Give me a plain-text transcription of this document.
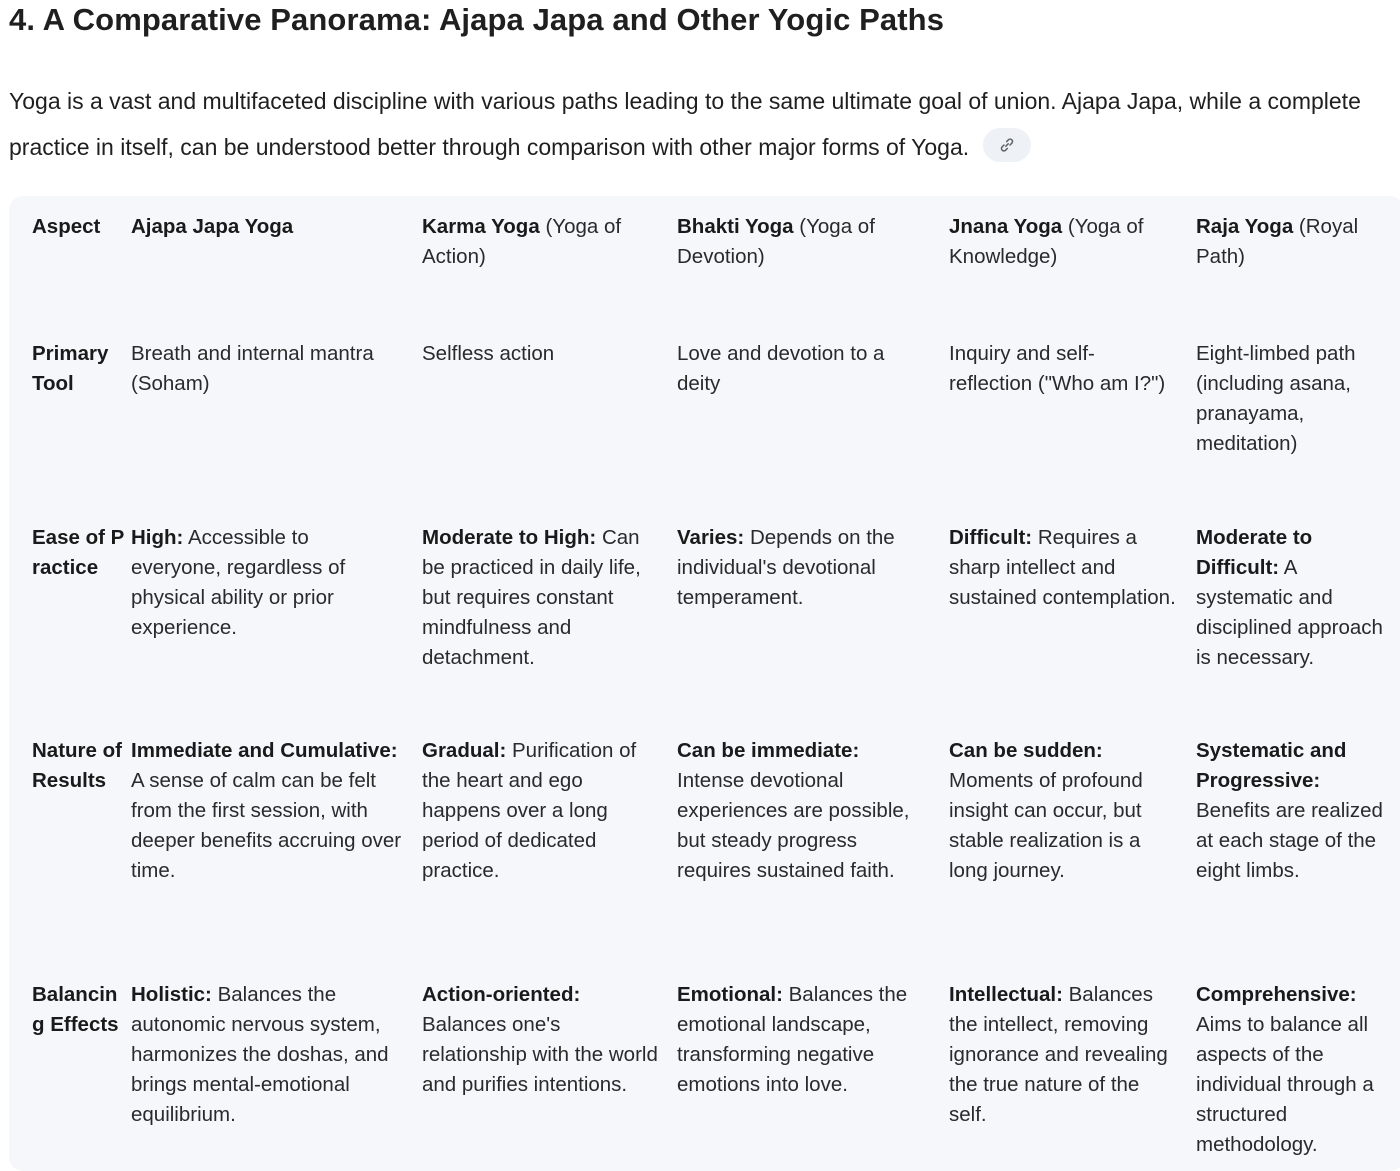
4. A Comparative Panorama: Ajapa Japa and Other Yogic Paths

Yoga is a vast and multifaceted discipline with various paths leading to the same ultimate goal of union. Ajapa Japa, while a complete practice in itself, can be understood better through comparison with other major forms of Yoga.

Aspect	Ajapa Japa Yoga	Karma Yoga (Yoga of Action)	Bhakti Yoga (Yoga of Devotion)	Jnana Yoga (Yoga of Knowledge)	Raja Yoga (Royal Path)
Primary Tool	Breath and internal mantra (Soham)	Selfless action	Love and devotion to a deity	Inquiry and self-reflection ("Who am I?")	Eight-limbed path (including asana, pranayama, meditation)
Ease of Practice	High: Accessible to everyone, regardless of physical ability or prior experience.	Moderate to High: Can be practiced in daily life, but requires constant mindfulness and detachment.	Varies: Depends on the individual's devotional temperament.	Difficult: Requires a sharp intellect and sustained contemplation.	Moderate to Difficult: A systematic and disciplined approach is necessary.
Nature of Results	Immediate and Cumulative: A sense of calm can be felt from the first session, with deeper benefits accruing over time.	Gradual: Purification of the heart and ego happens over a long period of dedicated practice.	Can be immediate: Intense devotional experiences are possible, but steady progress requires sustained faith.	Can be sudden: Moments of profound insight can occur, but stable realization is a long journey.	Systematic and Progressive: Benefits are realized at each stage of the eight limbs.
Balancing Effects	Holistic: Balances the autonomic nervous system, harmonizes the doshas, and brings mental-emotional equilibrium.	Action-oriented: Balances one's relationship with the world and purifies intentions.	Emotional: Balances the emotional landscape, transforming negative emotions into love.	Intellectual: Balances the intellect, removing ignorance and revealing the true nature of the self.	Comprehensive: Aims to balance all aspects of the individual through a structured methodology.
